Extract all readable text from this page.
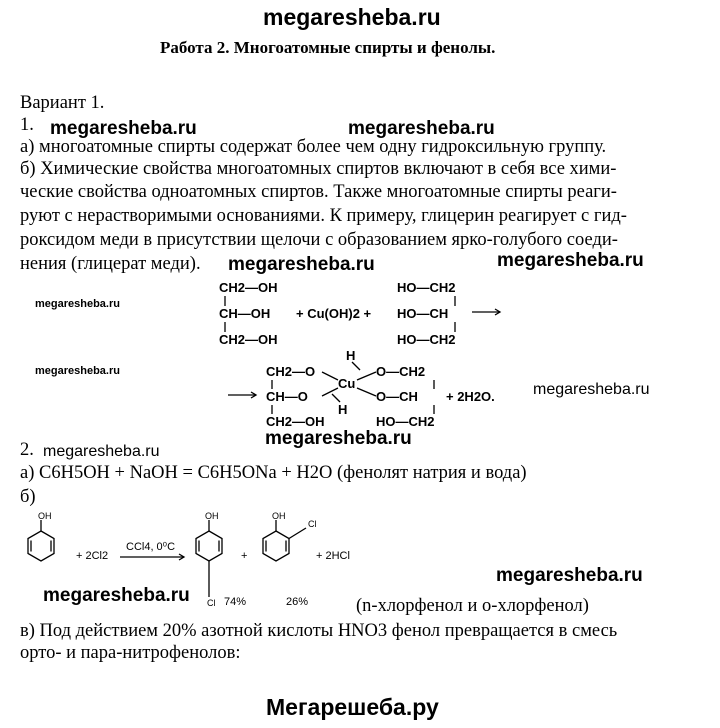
megaresheba.ru
Работа 2. Многоатомные спирты и фенолы.
Вариант 1.
1. megaresheba.ru	megaresheba.ru
а) многоатомные спирты содержат более чем одну гидроксильную группу.
б) Химические свойства многоатомных спиртов включают в себя все хими-
ческие свойства одноатомных спиртов. Также многоатомные спирты реаги-
руют с нерастворимыми основаниями. К примеру, глицерин реагирует с гид-
роксидом меди в присутствии щелочи с образованием ярко-голубого соеди-
нения (глицерат меди). megaresheba.ru	megaresheba.ru
megaresheba.ru
CH2—OH
CH—OH
CH2—OH
+ Cu(OH)2 +
HO—CH2
HO—CH
HO—CH2
megaresheba.ru
H
CH2—O
CH—O
CH2—OH
Cu
H
O—CH2
O—CH
HO—CH2
+ 2H2O. megaresheba.ru
2. megaresheba.ru
megaresheba.ru
а) C6H5OH + NaOH = C6H5ONa + H2O (фенолят натрия и вода)
б)
OH
+ 2Cl2
CCl4, 0⁰C
OH
Cl 74%
+
OH
Cl
26%
+ 2HCl
megaresheba.ru
megaresheba.ru	(n-хлорфенол и o-хлорфенол)
в) Под действием 20% азотной кислоты HNO3 фенол превращается в смесь
орто- и пара-нитрофенолов:
Мегарешеба.ру
